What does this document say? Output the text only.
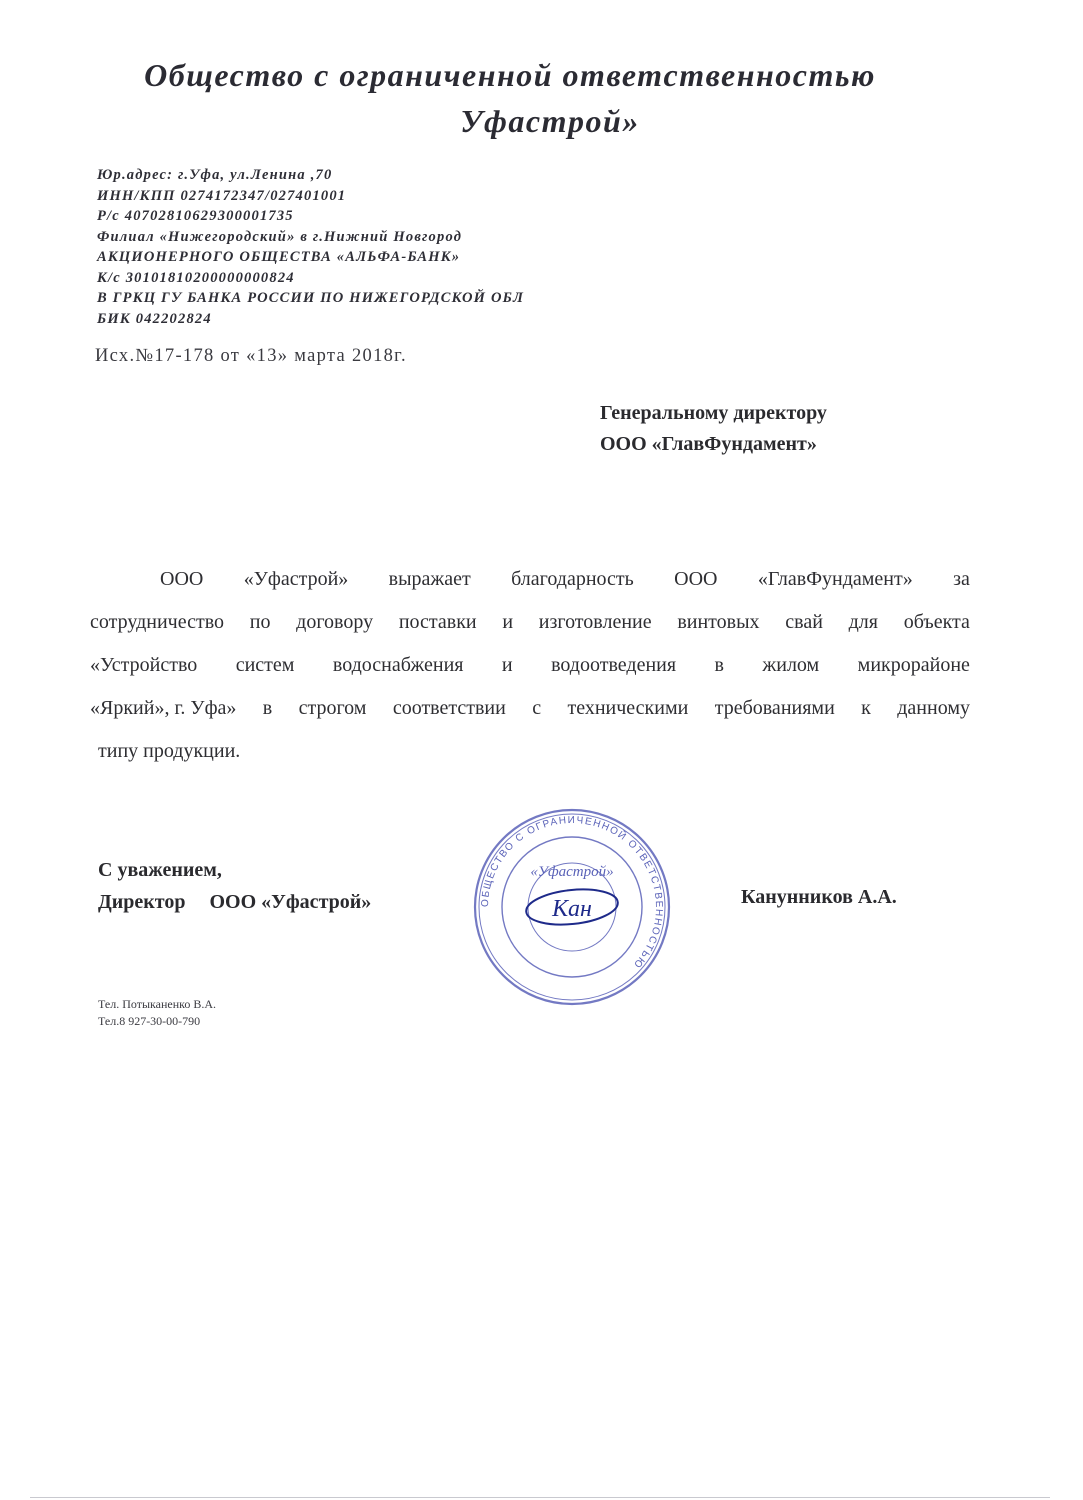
Общество с ограниченной ответственностью
Уфастрой»
Юр.адрес: г.Уфа, ул.Ленина ,70
ИНН/КПП 0274172347/027401001
Р/с 40702810629300001735
Филиал «Нижегородский» в г.Нижний Новгород
АКЦИОНЕРНОГО ОБЩЕСТВА «АЛЬФА-БАНК»
К/с 30101810200000000824
В ГРКЦ ГУ БАНКА РОССИИ ПО НИЖЕГОРДСКОЙ ОБЛ
БИК 042202824
Исх.№17-178 от «13» марта 2018г.
Генеральному директору
ООО «ГлавФундамент»
ООО «Уфастрой» выражает благодарность ООО «ГлавФундамент» за
сотрудничество по договору поставки и изготовление винтовых свай для объекта
«Устройство систем водоснабжения и водоотведения в жилом микрорайоне
«Яркий», г. Уфа» в строгом соответствии с техническими требованиями к данному
типу продукции.
С уважением,
Директор ООО «Уфастрой»	ОБЩЕСТВО С ОГРАНИЧЕННОЙ ОТВЕТСТВЕННОСТЬЮ
«Уфастрой»
Кан	Канунников А.А.
Тел. Потыканенко В.А.
Тел.8 927-30-00-790
